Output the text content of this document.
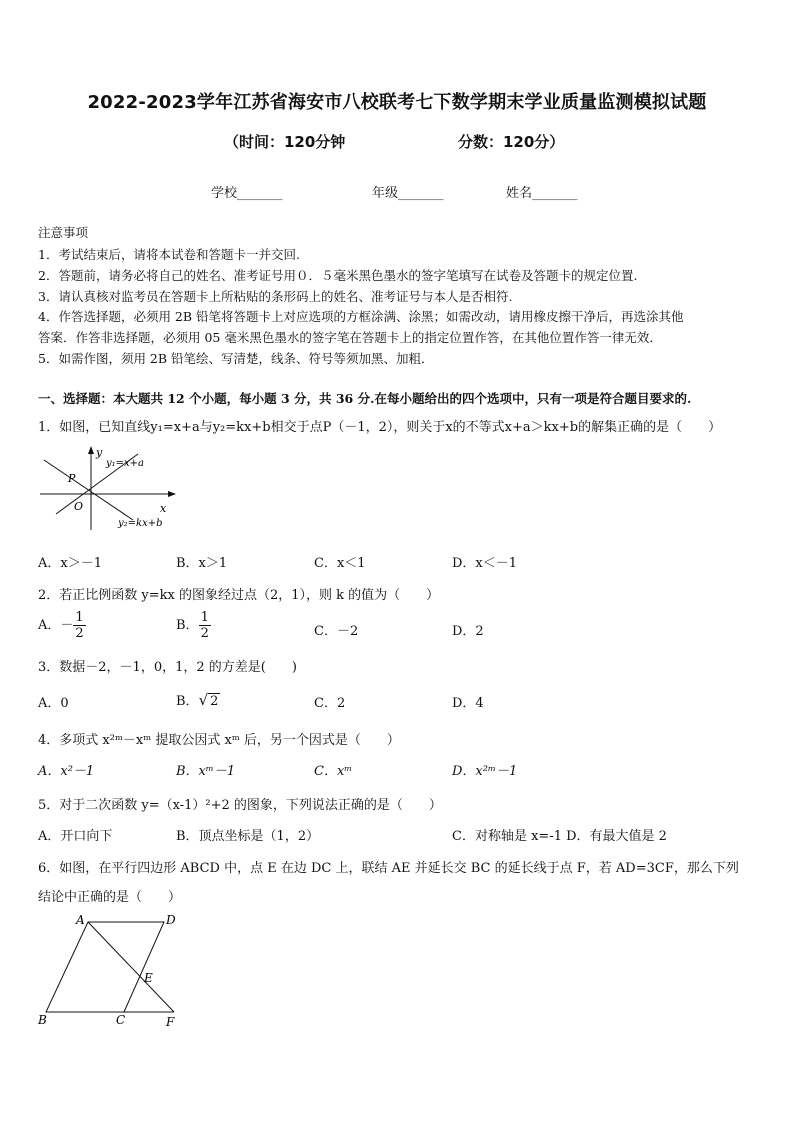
2022-2023学年江苏省海安市八校联考七下数学期末学业质量监测模拟试题
（时间：120分钟	分数：120分）
学校_______	年级_______	姓名_______
注意事项
1．考试结束后，请将本试卷和答题卡一并交回.
2．答题前，请务必将自己的姓名、准考证号用０．５毫米黑色墨水的签字笔填写在试卷及答题卡的规定位置.
3．请认真核对监考员在答题卡上所粘贴的条形码上的姓名、准考证号与本人是否相符.
4．作答选择题，必须用 2B 铅笔将答题卡上对应选项的方框涂满、涂黑；如需改动，请用橡皮擦干净后，再选涂其他
答案．作答非选择题，必须用 05 毫米黑色墨水的签字笔在答题卡上的指定位置作答，在其他位置作答一律无效．
5．如需作图，须用 2B 铅笔绘、写清楚，线条、符号等须加黑、加粗．
一、选择题：本大题共 12 个小题，每小题 3 分，共 36 分.在每小题给出的四个选项中，只有一项是符合题目要求的.
1．如图，已知直线y₁=x+a与y₂=kx+b相交于点P（－1，2），则关于x的不等式x+a＞kx+b的解集正确的是（　　）
y
x
P
O
y₁=x+a
y₂=kx+b
A．x＞－1	B．x＞1	C．x＜1	D．x＜－1
2．若正比例函数 y=kx 的图象经过点（2，1），则 k 的值为（　　）
A．－ $\frac{1}{2}$	B． $\frac{1}{2}$	C．－2	D．2
3．数据－2，－1，0，1，2 的方差是(　　)
A．0	B．√ 2	C．2	D．4
4．多项式 x²ᵐ－xᵐ 提取公因式 xᵐ 后，另一个因式是（　　）
A．x²－1	B．xᵐ－1	C．xᵐ	D．x²ᵐ－1
5．对于二次函数 y=（x-1）²+2 的图象，下列说法正确的是（　　）
A．开口向下	B．顶点坐标是（1，2）	C．对称轴是 x=-1 D．有最大值是 2
6．如图，在平行四边形 ABCD 中，点 E 在边 DC 上，联结 AE 并延长交 BC 的延长线于点 F，若 AD=3CF，那么下列
结论中正确的是（　　）
A	D
E
B	C	F
